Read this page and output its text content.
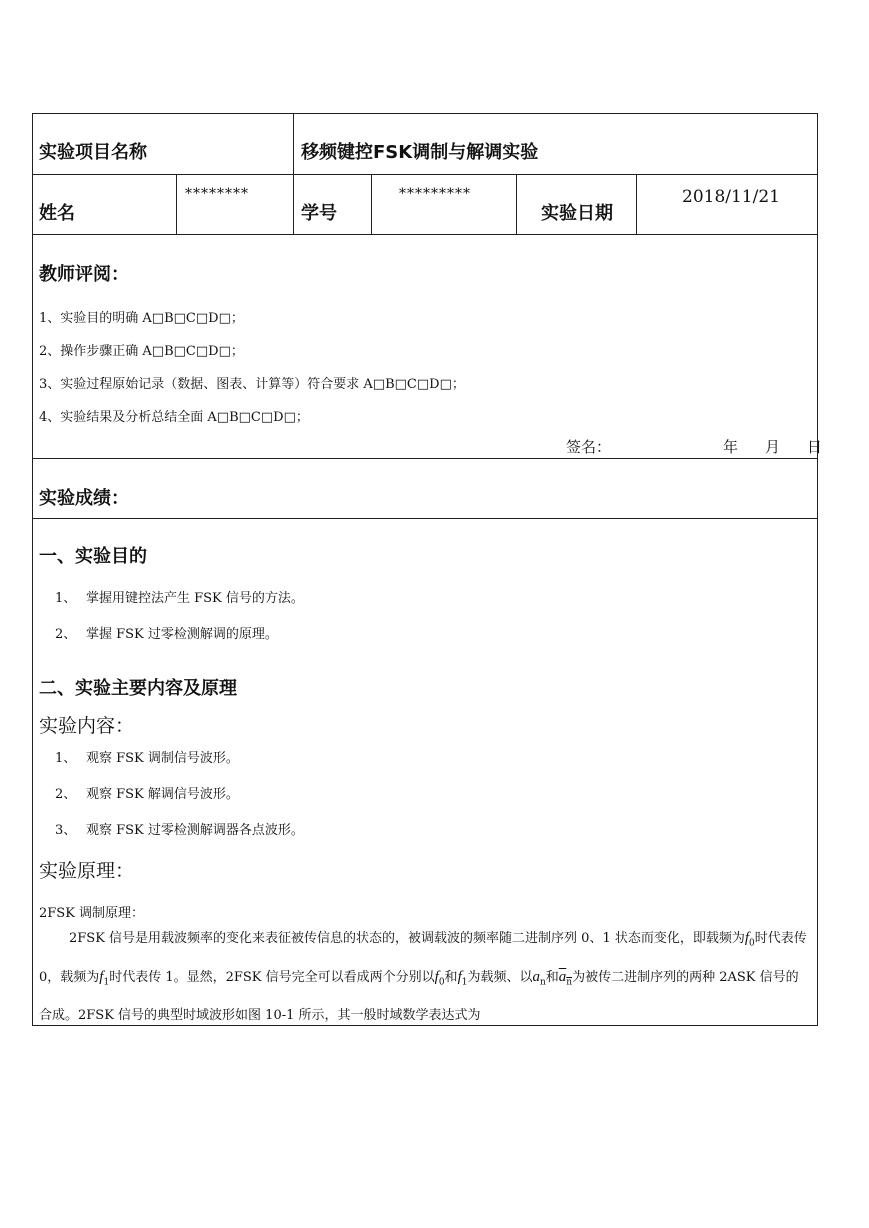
实验项目名称	移频键控FSK调制与解调实验
姓名
********
学号
*********
实验日期
2018/11/21
教师评阅：
1、实验目的明确 A□B□C□D□；
2、操作步骤正确 A□B□C□D□；
3、实验过程原始记录（数据、图表、计算等）符合要求 A□B□C□D□；
4、实验结果及分析总结全面 A□B□C□D□；
签名：	年　月　日
实验成绩：
一、实验目的
1、 掌握用键控法产生 FSK 信号的方法。
2、 掌握 FSK 过零检测解调的原理。
二、实验主要内容及原理
实验内容：
1、 观察 FSK 调制信号波形。
2、 观察 FSK 解调信号波形。
3、 观察 FSK 过零检测解调器各点波形。
实验原理：
2FSK 调制原理：
2FSK 信号是用载波频率的变化来表征被传信息的状态的，被调载波的频率随二进制序列 0、1 状态而变化，即载频为$f_0$时代表传 0，载频为$f_1$时代表传 1。显然，2FSK 信号完全可以看成两个分别以$f_0$和$f_1$为载频、以$a_n$和$a_n$为被传二进制序列的两种 2ASK 信号的合成。2FSK 信号的典型时域波形如图 10-1 所示，其一般时域数学表达式为
